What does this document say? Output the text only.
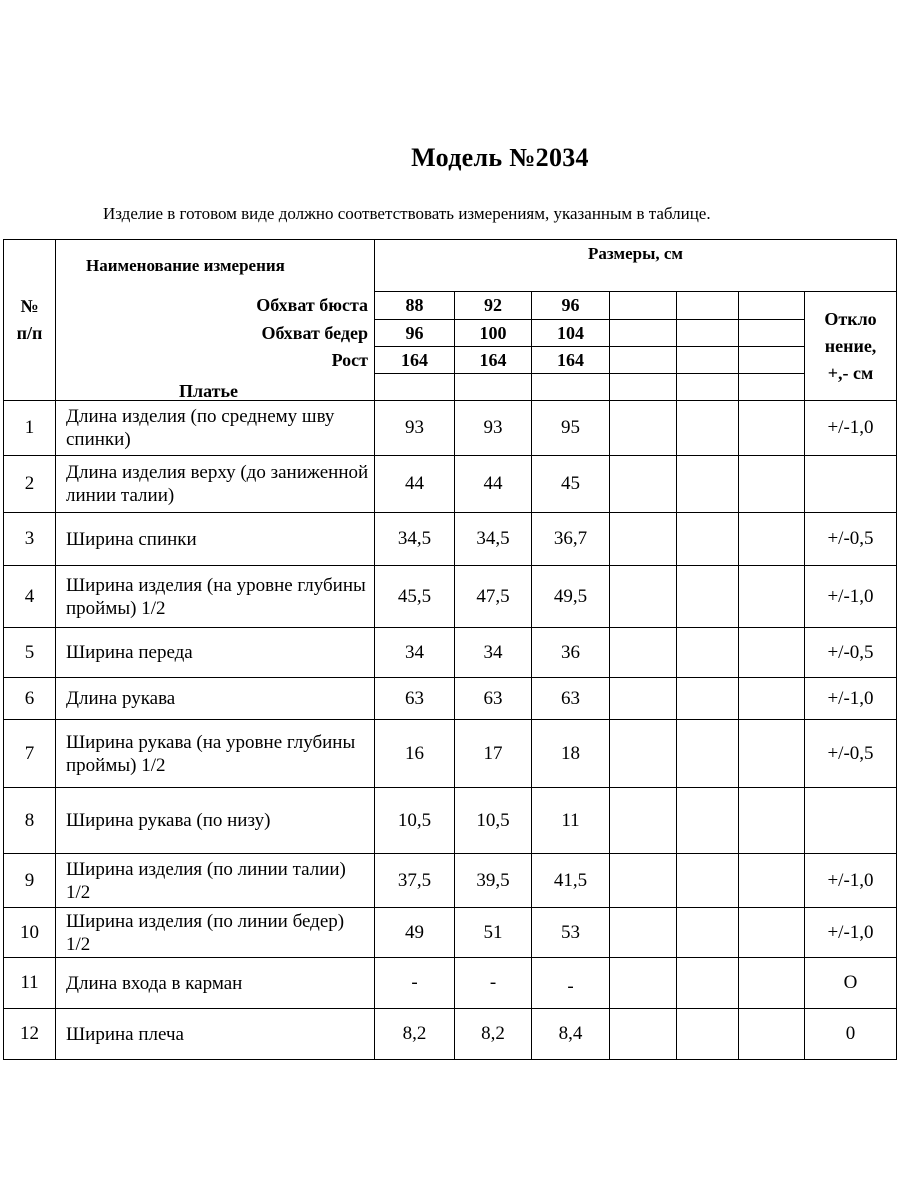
Модель №2034
Изделие в готовом виде должно соответствовать измерениям, указанным в таблице.
№
п/п	Наименование измерения	Размеры, см						
	Обхват бюста	88	92	96				Откло
нение,
+,- см
	Обхват бедер	96	100	104				
	Рост	164	164	164				
	Платье							
1	Длина изделия (по среднему шву спинки)	93	93	95				+/-1,0
2	Длина изделия верху (до заниженной линии талии)	44	44	45				
3	Ширина спинки	34,5	34,5	36,7				+/-0,5
4	Ширина изделия (на уровне глубины проймы) 1/2	45,5	47,5	49,5				+/-1,0
5	Ширина переда	34	34	36				+/-0,5
6	Длина рукава	63	63	63				+/-1,0
7	Ширина рукава (на уровне глубины проймы) 1/2	16	17	18				+/-0,5
8	Ширина рукава (по низу)	10,5	10,5	11				
9	Ширина изделия (по линии талии) 1/2	37,5	39,5	41,5				+/-1,0
10	Ширина изделия (по линии бедер) 1/2	49	51	53				+/-1,0
11	Длина входа в карман	-	-	-				О
12	Ширина плеча	8,2	8,2	8,4				0
